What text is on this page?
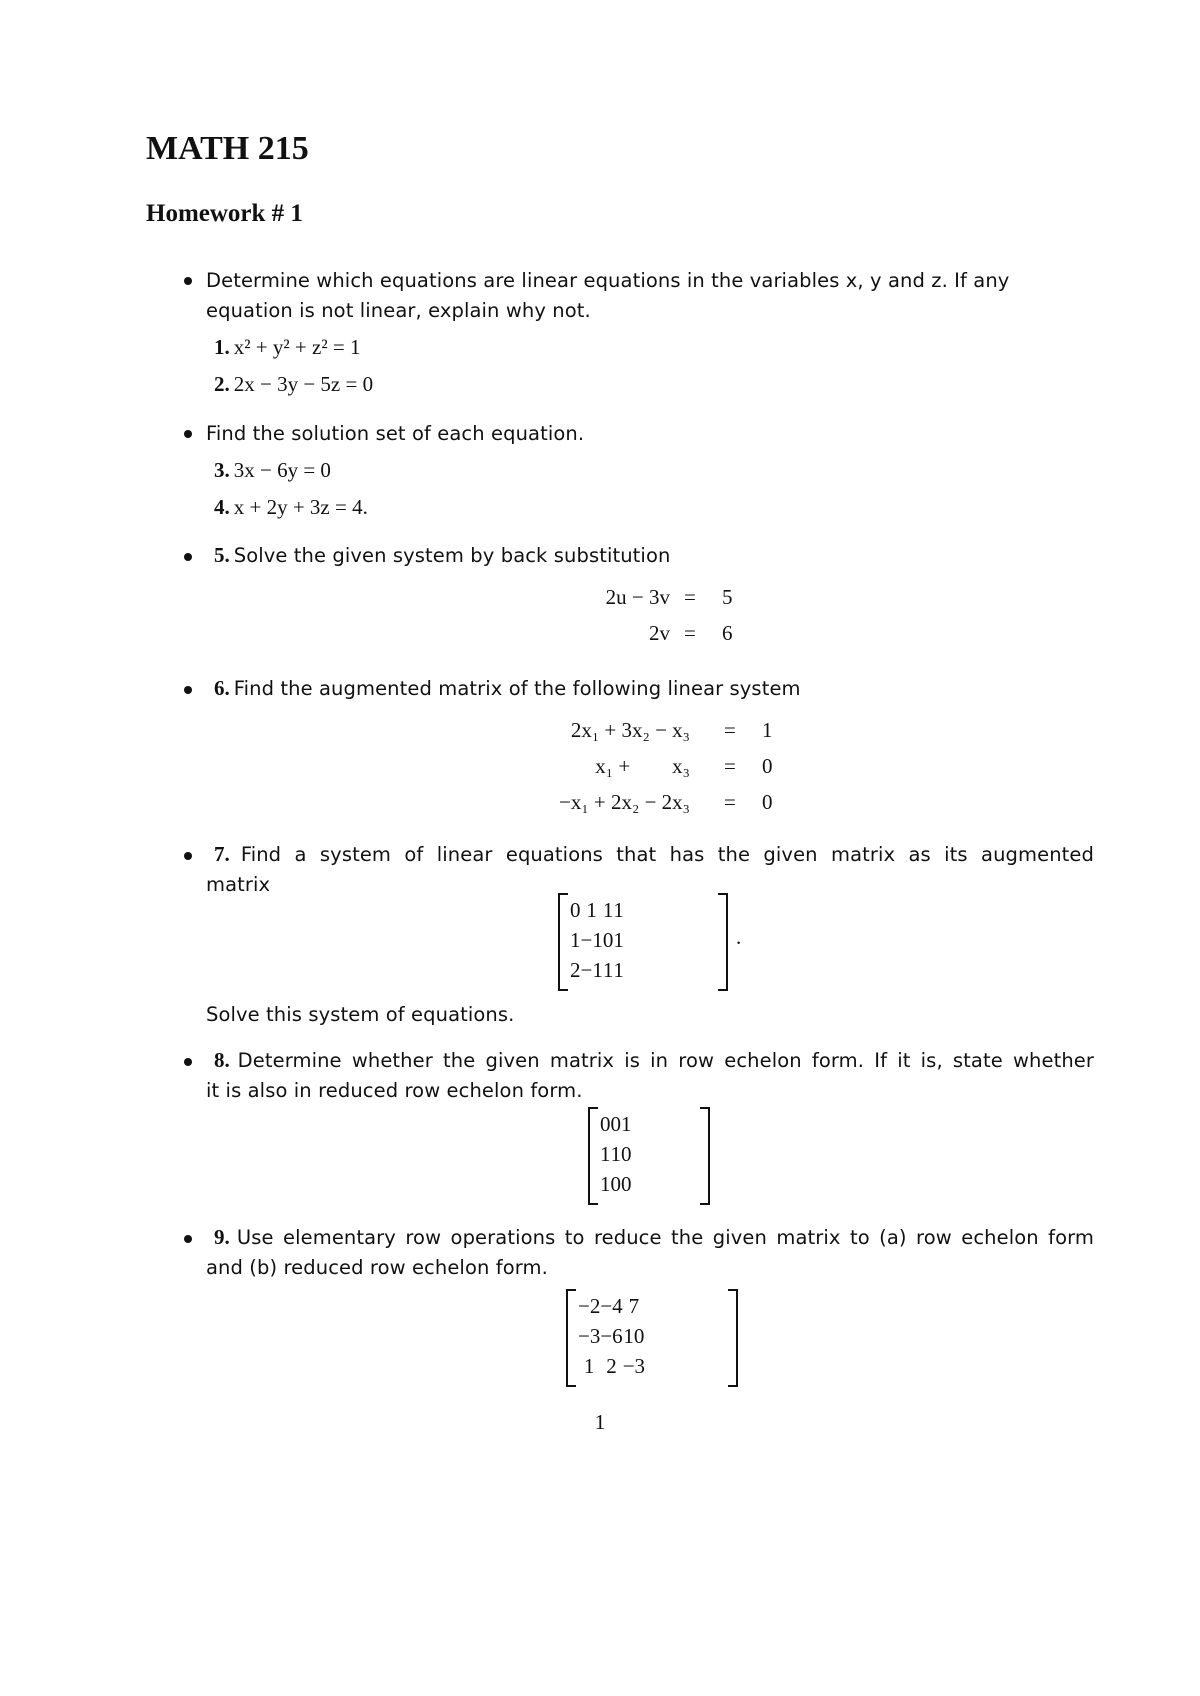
MATH 215
Homework # 1
Determine which equations are linear equations in the variables x, y and z. If any
equation is not linear, explain why not.
1. x² + y² + z² = 1
2. 2x − 3y − 5z = 0
Find the solution set of each equation.
3. 3x − 6y = 0
4. x + 2y + 3z = 4.
5. Solve the given system by back substitution
2u − 3v = 5
2v = 6
6. Find the augmented matrix of the following linear system
2x₁ + 3x₂ − x₃ = 1
x₁ +        x₃ = 0
−x₁ + 2x₂ − 2x₃ = 0
7. Find a system of linear equations that has the given matrix as its augmented
matrix
0	1	1	1
1	−1	0	1
2	−1	1	1
.
Solve this system of equations.
8. Determine whether the given matrix is in row echelon form. If it is, state whether
it is also in reduced row echelon form.
0	0	1
1	1	0
1	0	0
9. Use elementary row operations to reduce the given matrix to (a) row echelon form
and (b) reduced row echelon form.
−2	−4	7
−3	−6	10
1	2	−3
1
